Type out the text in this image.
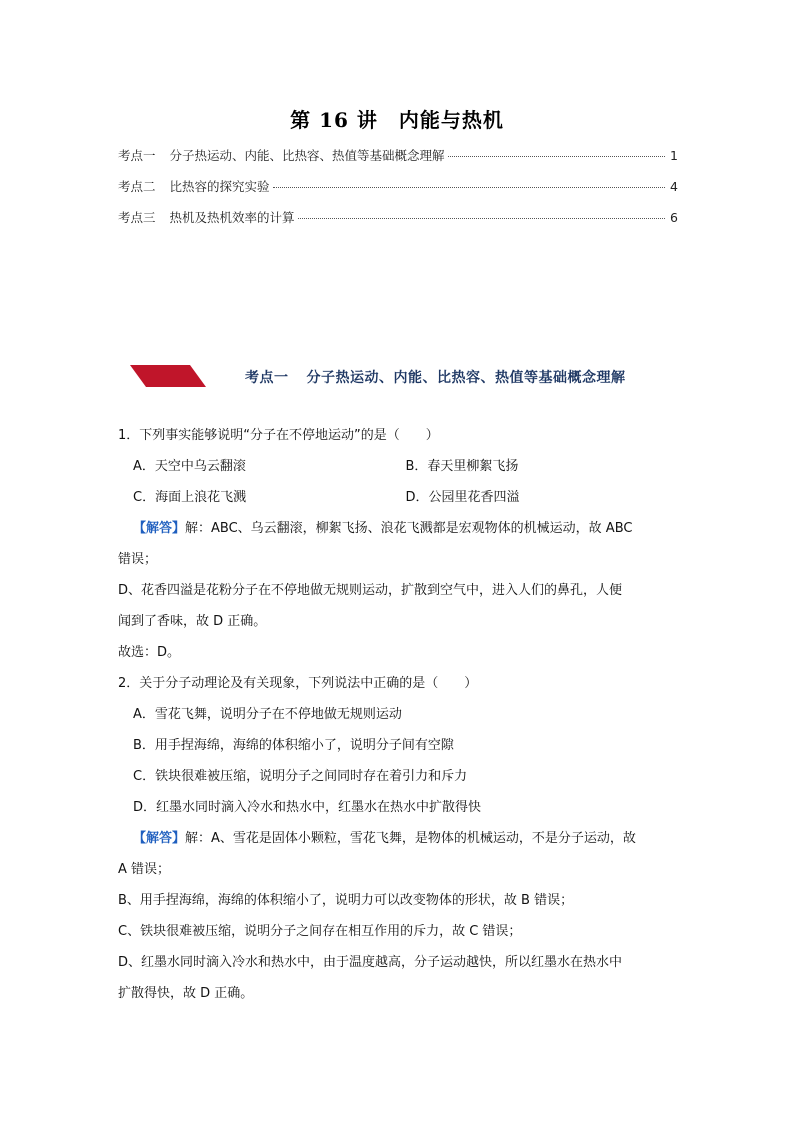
第 16 讲　内能与热机
考点一 分子热运动、内能、比热容、热值等基础概念理解	1
考点二 比热容的探究实验	4
考点三 热机及热机效率的计算	6
考点一 分子热运动、内能、比热容、热值等基础概念理解
1．下列事实能够说明“分子在不停地运动”的是（　　）
A．天空中乌云翻滚	B．春天里柳絮飞扬
C．海面上浪花飞溅	D．公园里花香四溢
【解答】解：ABC、乌云翻滚，柳絮飞扬、浪花飞溅都是宏观物体的机械运动，故 ABC
错误；
D、花香四溢是花粉分子在不停地做无规则运动，扩散到空气中，进入人们的鼻孔，人便
闻到了香味，故 D 正确。
故选：D。
2．关于分子动理论及有关现象，下列说法中正确的是（　　）
A．雪花飞舞，说明分子在不停地做无规则运动
B．用手捏海绵，海绵的体积缩小了，说明分子间有空隙
C．铁块很难被压缩，说明分子之间同时存在着引力和斥力
D．红墨水同时滴入冷水和热水中，红墨水在热水中扩散得快
【解答】解：A、雪花是固体小颗粒，雪花飞舞，是物体的机械运动，不是分子运动，故
A 错误；
B、用手捏海绵，海绵的体积缩小了，说明力可以改变物体的形状，故 B 错误；
C、铁块很难被压缩，说明分子之间存在相互作用的斥力，故 C 错误；
D、红墨水同时滴入冷水和热水中，由于温度越高，分子运动越快，所以红墨水在热水中
扩散得快，故 D 正确。
